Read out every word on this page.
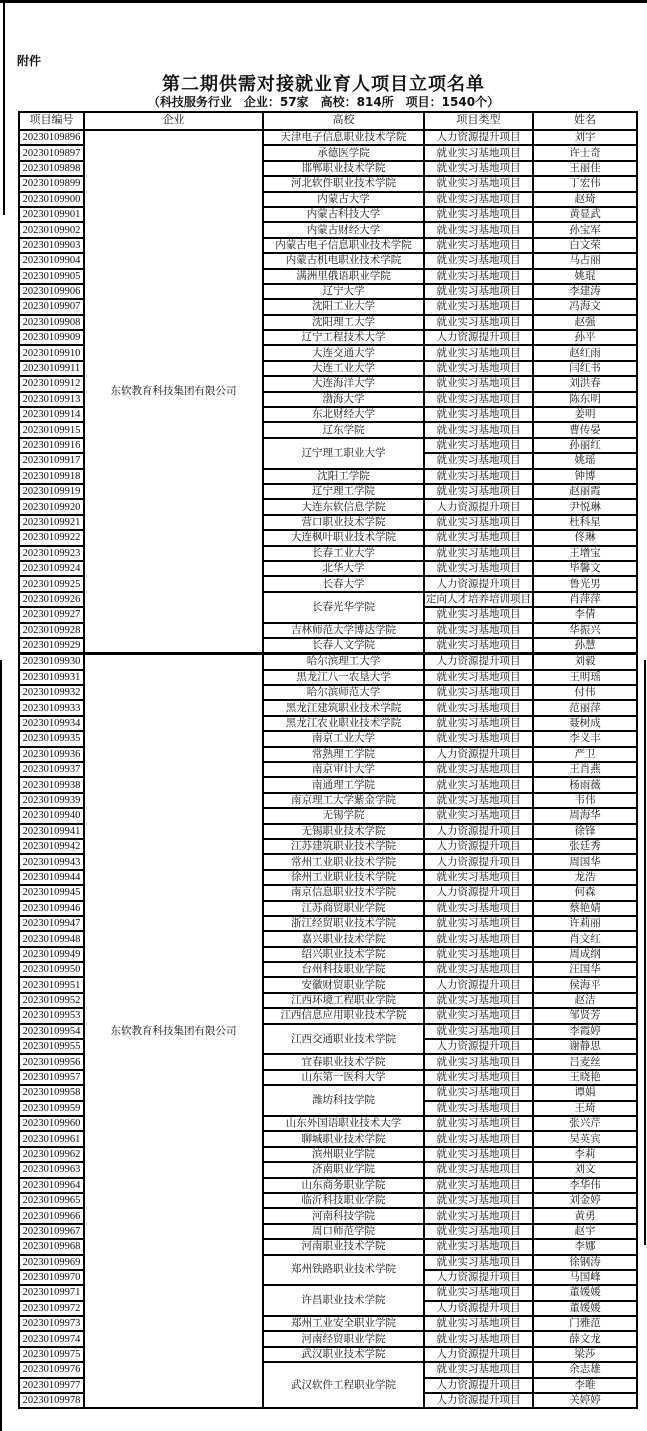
附件
第二期供需对接就业育人项目立项名单
（科技服务行业　企业：57家　高校：814所　项目：1540个）
项目编号	企业	高校	项目类型	姓名
20230109896	东软教育科技集团有限公司	天津电子信息职业技术学院	人力资源提升项目	刘宇
20230109897		承德医学院	就业实习基地项目	许士奇
20230109898		邯郸职业技术学院	就业实习基地项目	王丽佳
20230109899		河北软件职业技术学院	就业实习基地项目	丁宏伟
20230109900		内蒙古大学	就业实习基地项目	赵琦
20230109901		内蒙古科技大学	就业实习基地项目	黄显武
20230109902		内蒙古财经大学	就业实习基地项目	孙宝军
20230109903		内蒙古电子信息职业技术学院	就业实习基地项目	白文荣
20230109904		内蒙古机电职业技术学院	就业实习基地项目	马占丽
20230109905		满洲里俄语职业学院	就业实习基地项目	姚琨
20230109906		辽宁大学	就业实习基地项目	李建涛
20230109907		沈阳工业大学	就业实习基地项目	冯海文
20230109908		沈阳理工大学	就业实习基地项目	赵强
20230109909		辽宁工程技术大学	人力资源提升项目	孙平
20230109910		大连交通大学	就业实习基地项目	赵红雨
20230109911		大连工业大学	就业实习基地项目	闫红书
20230109912		大连海洋大学	就业实习基地项目	刘洪春
20230109913		渤海大学	就业实习基地项目	陈东明
20230109914		东北财经大学	就业实习基地项目	姜明
20230109915		辽东学院	就业实习基地项目	曹传晏
20230109916		辽宁理工职业大学	就业实习基地项目	孙丽红
20230109917			就业实习基地项目	姚瑶
20230109918		沈阳工学院	就业实习基地项目	钟博
20230109919		辽宁理工学院	就业实习基地项目	赵丽霞
20230109920		大连东软信息学院	人力资源提升项目	尹悦琳
20230109921		营口职业技术学院	就业实习基地项目	杜科星
20230109922		大连枫叶职业技术学院	就业实习基地项目	佟琳
20230109923		长春工业大学	就业实习基地项目	王增宝
20230109924		北华大学	就业实习基地项目	毕馨文
20230109925		长春大学	人力资源提升项目	鲁光男
20230109926		长春光华学院	定向人才培养培训项目	肖萍萍
20230109927			就业实习基地项目	李倩
20230109928		吉林师范大学博达学院	就业实习基地项目	华振兴
20230109929		长春人文学院	就业实习基地项目	孙慧
20230109930	东软教育科技集团有限公司	哈尔滨理工大学	人力资源提升项目	刘毅
20230109931		黑龙江八一农垦大学	就业实习基地项目	王明瑶
20230109932		哈尔滨师范大学	就业实习基地项目	付伟
20230109933		黑龙江建筑职业技术学院	就业实习基地项目	范丽萍
20230109934		黑龙江农业职业技术学院	就业实习基地项目	聂树成
20230109935		南京工业大学	就业实习基地项目	李义丰
20230109936		常熟理工学院	人力资源提升项目	严卫
20230109937		南京审计大学	就业实习基地项目	王肖燕
20230109938		南通理工学院	就业实习基地项目	杨雨薇
20230109939		南京理工大学紫金学院	就业实习基地项目	韦伟
20230109940		无锡学院	就业实习基地项目	周海华
20230109941		无锡职业技术学院	人力资源提升项目	徐锋
20230109942		江苏建筑职业技术学院	人力资源提升项目	张廷秀
20230109943		常州工业职业技术学院	人力资源提升项目	周国华
20230109944		徐州工业职业技术学院	就业实习基地项目	龙浩
20230109945		南京信息职业技术学院	人力资源提升项目	何森
20230109946		江苏商贸职业学院	就业实习基地项目	蔡艳婧
20230109947		浙江经贸职业技术学院	就业实习基地项目	许莉丽
20230109948		嘉兴职业技术学院	就业实习基地项目	肖文红
20230109949		绍兴职业技术学院	就业实习基地项目	周成纲
20230109950		台州科技职业学院	就业实习基地项目	汪国华
20230109951		安徽财贸职业学院	人力资源提升项目	侯海平
20230109952		江西环境工程职业学院	就业实习基地项目	赵洁
20230109953		江西信息应用职业技术学院	就业实习基地项目	邹贤芳
20230109954		江西交通职业技术学院	就业实习基地项目	李霞婷
20230109955			人力资源提升项目	谢静思
20230109956		宜春职业技术学院	就业实习基地项目	吕麦丝
20230109957		山东第一医科大学	就业实习基地项目	王晓艳
20230109958		潍坊科技学院	就业实习基地项目	谭娟
20230109959			就业实习基地项目	王琦
20230109960		山东外国语职业技术大学	就业实习基地项目	张兴芹
20230109961		聊城职业技术学院	就业实习基地项目	吴英宾
20230109962		滨州职业学院	就业实习基地项目	李莉
20230109963		济南职业学院	就业实习基地项目	刘文
20230109964		山东商务职业学院	就业实习基地项目	李华伟
20230109965		临沂科技职业学院	就业实习基地项目	刘金婷
20230109966		河南科技学院	就业实习基地项目	黄勇
20230109967		周口师范学院	就业实习基地项目	赵宇
20230109968		河南职业技术学院	就业实习基地项目	李娜
20230109969		郑州铁路职业技术学院	就业实习基地项目	徐钢涛
20230109970			人力资源提升项目	马国峰
20230109971		许昌职业技术学院	就业实习基地项目	董媛媛
20230109972			人力资源提升项目	董媛媛
20230109973		郑州工业安全职业学院	就业实习基地项目	门雅范
20230109974		河南经贸职业学院	就业实习基地项目	薛文龙
20230109975		武汉职业技术学院	人力资源提升项目	梁莎
20230109976		武汉软件工程职业学院	就业实习基地项目	余志雄
20230109977			人力资源提升项目	李唯
20230109978			人力资源提升项目	关婷婷
